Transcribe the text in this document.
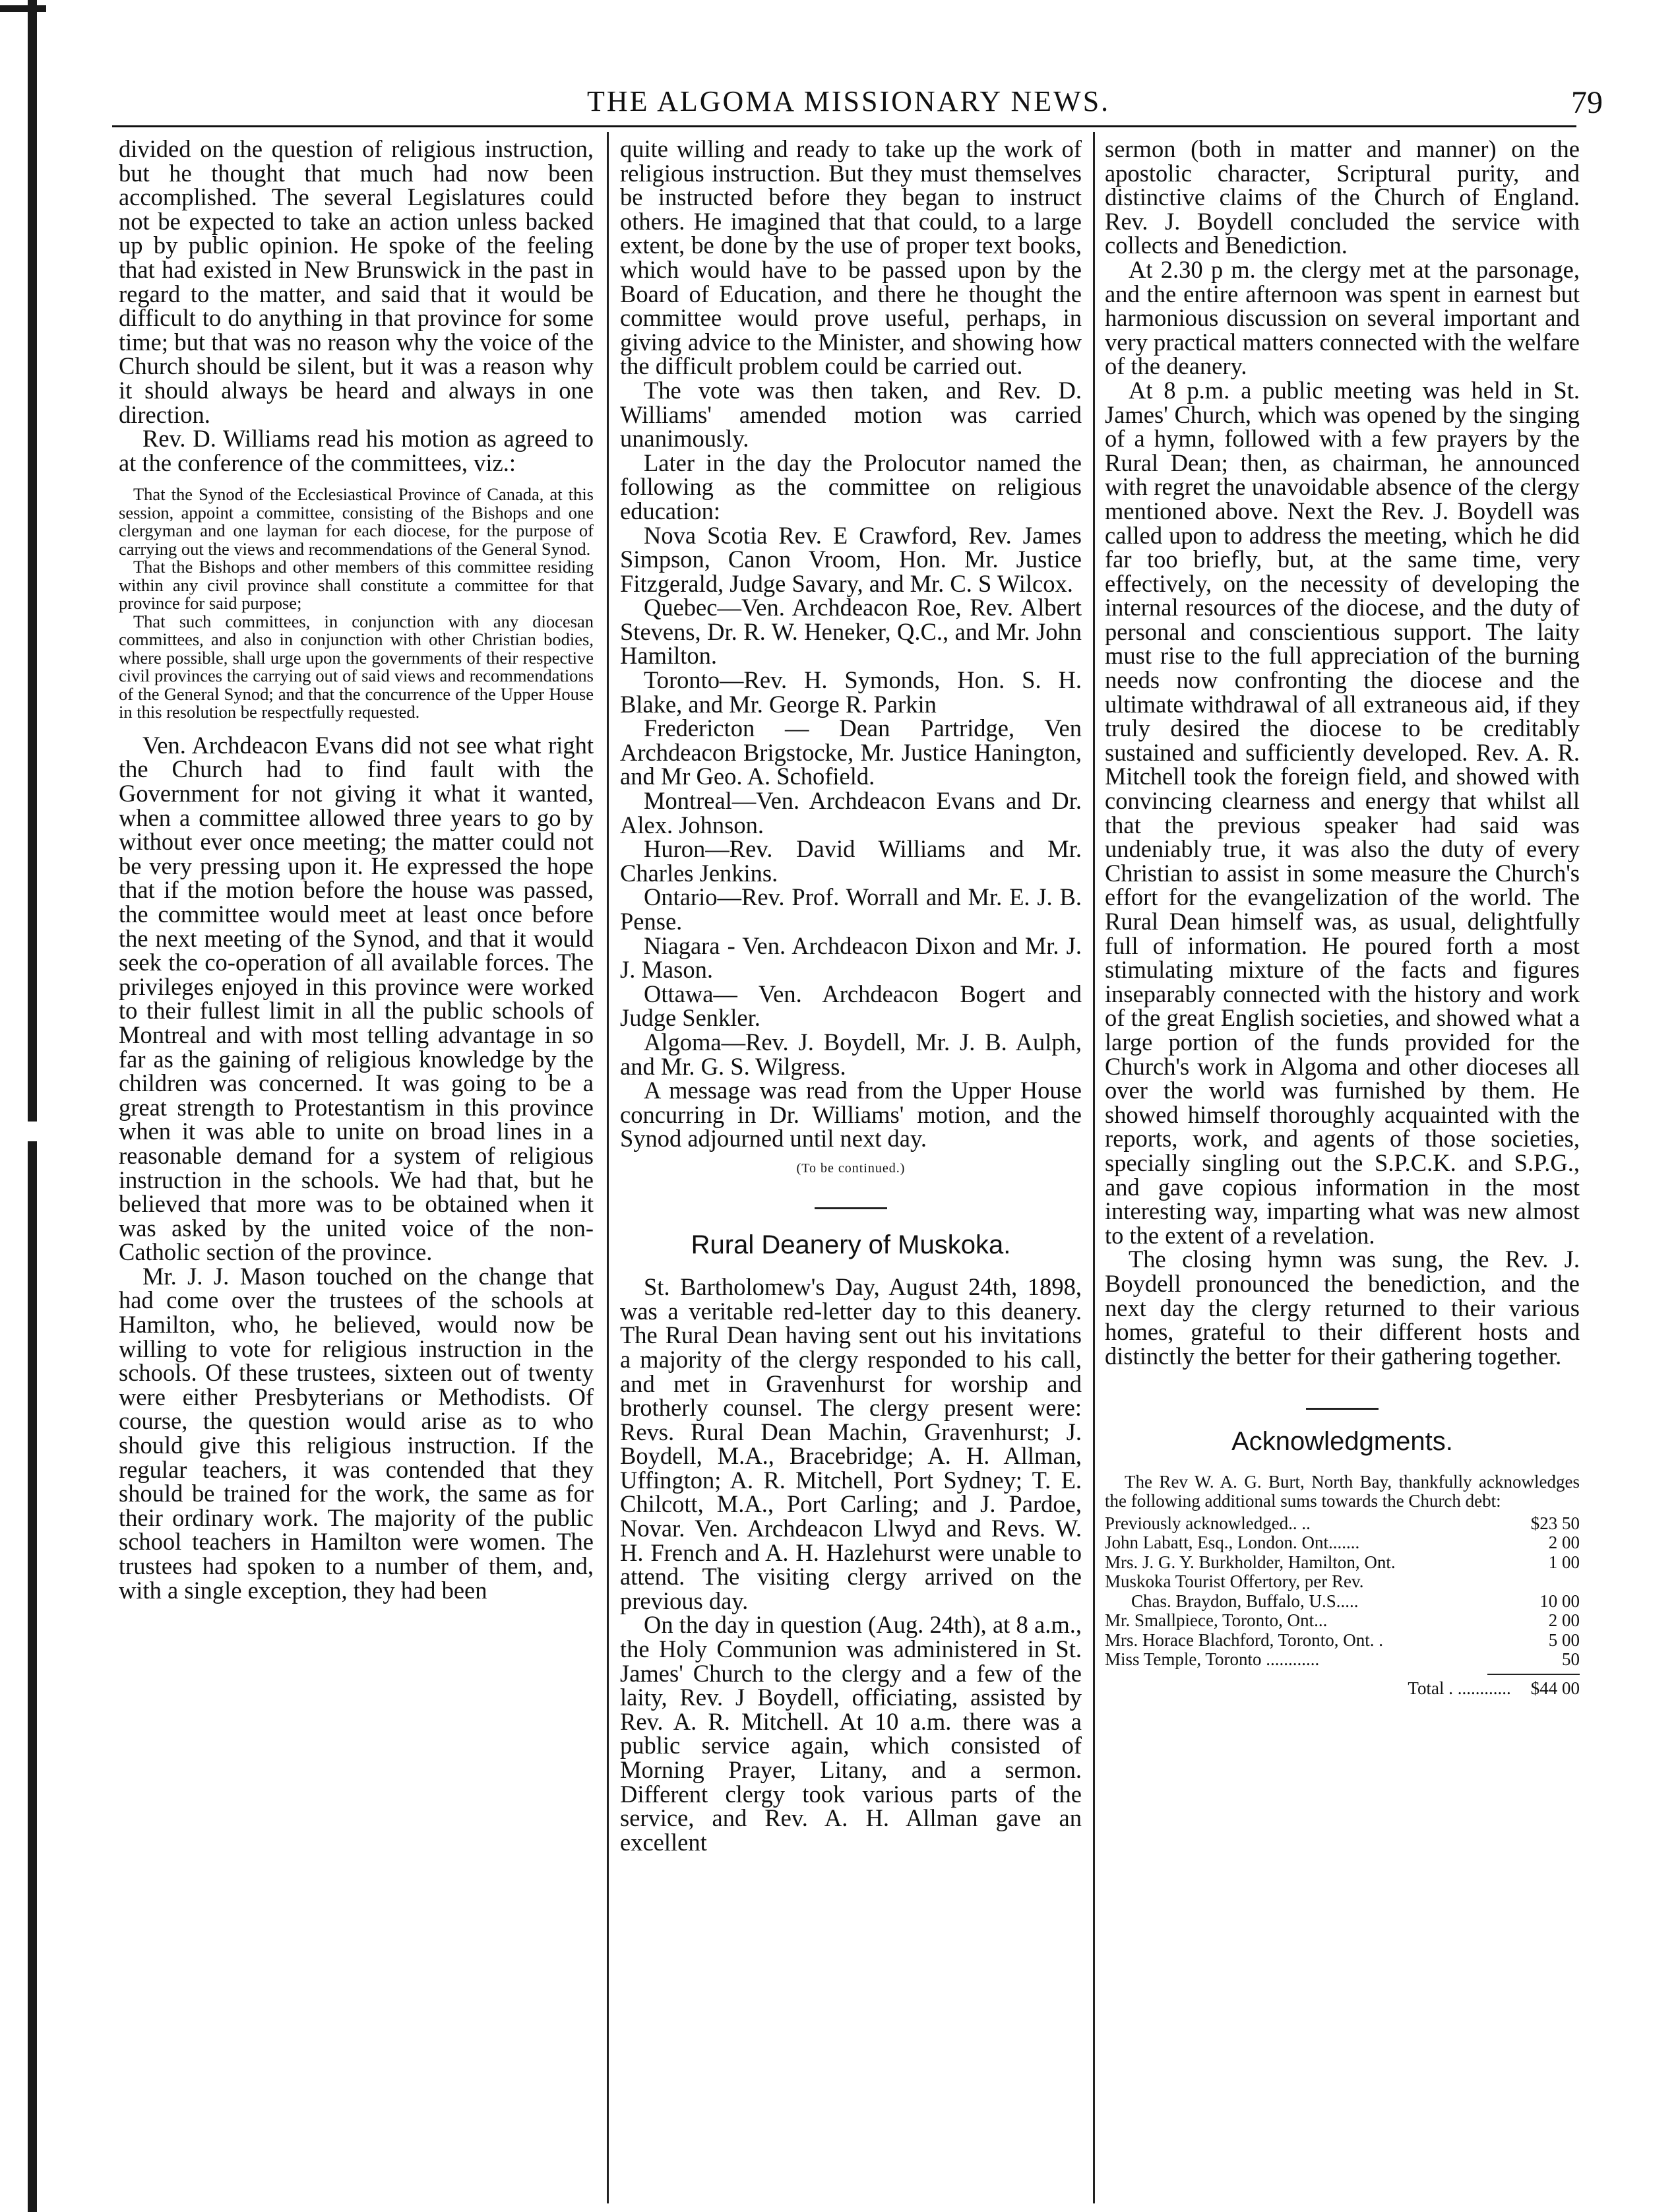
THE ALGOMA MISSIONARY NEWS.	79

divided on the question of religious instruction, but he thought that much had now been accomplished. The several Legislatures could not be expected to take an action unless backed up by public opinion. He spoke of the feeling that had existed in New Brunswick in the past in regard to the matter, and said that it would be difficult to do anything in that province for some time; but that was no reason why the voice of the Church should be silent, but it was a reason why it should always be heard and always in one direction.

Rev. D. Williams read his motion as agreed to at the conference of the committees, viz.:

That the Synod of the Ecclesiastical Province of Canada, at this session, appoint a committee, consisting of the Bishops and one clergyman and one layman for each diocese, for the purpose of carrying out the views and recommendations of the General Synod.

That the Bishops and other members of this committee residing within any civil province shall constitute a committee for that province for said purpose;

That such committees, in conjunction with any diocesan committees, and also in conjunction with other Christian bodies, where possible, shall urge upon the governments of their respective civil provinces the carrying out of said views and recommendations of the General Synod; and that the concurrence of the Upper House in this resolution be respectfully requested.

Ven. Archdeacon Evans did not see what right the Church had to find fault with the Government for not giving it what it wanted, when a committee allowed three years to go by without ever once meeting; the matter could not be very pressing upon it. He expressed the hope that if the motion before the house was passed, the committee would meet at least once before the next meeting of the Synod, and that it would seek the co-operation of all available forces. The privileges enjoyed in this province were worked to their fullest limit in all the public schools of Montreal and with most telling advantage in so far as the gaining of religious knowledge by the children was concerned. It was going to be a great strength to Protestantism in this province when it was able to unite on broad lines in a reasonable demand for a system of religious instruction in the schools. We had that, but he believed that more was to be obtained when it was asked by the united voice of the non-Catholic section of the province.

Mr. J. J. Mason touched on the change that had come over the trustees of the schools at Hamilton, who, he believed, would now be willing to vote for religious instruction in the schools. Of these trustees, sixteen out of twenty were either Presbyterians or Methodists. Of course, the question would arise as to who should give this religious instruction. If the regular teachers, it was contended that they should be trained for the work, the same as for their ordinary work. The majority of the public school teachers in Hamilton were women. The trustees had spoken to a number of them, and, with a single exception, they had been

quite willing and ready to take up the work of religious instruction. But they must themselves be instructed before they began to instruct others. He imagined that that could, to a large extent, be done by the use of proper text books, which would have to be passed upon by the Board of Education, and there he thought the committee would prove useful, perhaps, in giving advice to the Minister, and showing how the difficult problem could be carried out.

The vote was then taken, and Rev. D. Williams' amended motion was carried unanimously.

Later in the day the Prolocutor named the following as the committee on religious education:

Nova Scotia Rev. E Crawford, Rev. James Simpson, Canon Vroom, Hon. Mr. Justice Fitzgerald, Judge Savary, and Mr. C. S Wilcox.

Quebec—Ven. Archdeacon Roe, Rev. Albert Stevens, Dr. R. W. Heneker, Q.C., and Mr. John Hamilton.

Toronto—Rev. H. Symonds, Hon. S. H. Blake, and Mr. George R. Parkin

Fredericton — Dean Partridge, Ven Archdeacon Brigstocke, Mr. Justice Hanington, and Mr Geo. A. Schofield.

Montreal—Ven. Archdeacon Evans and Dr. Alex. Johnson.

Huron—Rev. David Williams and Mr. Charles Jenkins.

Ontario—Rev. Prof. Worrall and Mr. E. J. B. Pense.

Niagara - Ven. Archdeacon Dixon and Mr. J. J. Mason.

Ottawa— Ven. Archdeacon Bogert and Judge Senkler.

Algoma—Rev. J. Boydell, Mr. J. B. Aulph, and Mr. G. S. Wilgress.

A message was read from the Upper House concurring in Dr. Williams' motion, and the Synod adjourned until next day.

(To be continued.)
Rural Deanery of Muskoka.

St. Bartholomew's Day, August 24th, 1898, was a veritable red-letter day to this deanery. The Rural Dean having sent out his invitations a majority of the clergy responded to his call, and met in Gravenhurst for worship and brotherly counsel. The clergy present were: Revs. Rural Dean Machin, Gravenhurst; J. Boydell, M.A., Bracebridge; A. H. Allman, Uffington; A. R. Mitchell, Port Sydney; T. E. Chilcott, M.A., Port Carling; and J. Pardoe, Novar. Ven. Archdeacon Llwyd and Revs. W. H. French and A. H. Hazlehurst were unable to attend. The visiting clergy arrived on the previous day.

On the day in question (Aug. 24th), at 8 a.m., the Holy Communion was administered in St. James' Church to the clergy and a few of the laity, Rev. J Boydell, officiating, assisted by Rev. A. R. Mitchell. At 10 a.m. there was a public service again, which consisted of Morning Prayer, Litany, and a sermon. Different clergy took various parts of the service, and Rev. A. H. Allman gave an excellent

sermon (both in matter and manner) on the apostolic character, Scriptural purity, and distinctive claims of the Church of England. Rev. J. Boydell concluded the service with collects and Benediction.

At 2.30 p m. the clergy met at the parsonage, and the entire afternoon was spent in earnest but harmonious discussion on several important and very practical matters connected with the welfare of the deanery.

At 8 p.m. a public meeting was held in St. James' Church, which was opened by the singing of a hymn, followed with a few prayers by the Rural Dean; then, as chairman, he announced with regret the unavoidable absence of the clergy mentioned above. Next the Rev. J. Boydell was called upon to address the meeting, which he did far too briefly, but, at the same time, very effectively, on the necessity of developing the internal resources of the diocese, and the duty of personal and conscientious support. The laity must rise to the full appreciation of the burning needs now confronting the diocese and the ultimate withdrawal of all extraneous aid, if they truly desired the diocese to be creditably sustained and sufficiently developed. Rev. A. R. Mitchell took the foreign field, and showed with convincing clearness and energy that whilst all that the previous speaker had said was undeniably true, it was also the duty of every Christian to assist in some measure the Church's effort for the evangelization of the world. The Rural Dean himself was, as usual, delightfully full of information. He poured forth a most stimulating mixture of the facts and figures inseparably connected with the history and work of the great English societies, and showed what a large portion of the funds provided for the Church's work in Algoma and other dioceses all over the world was furnished by them. He showed himself thoroughly acquainted with the reports, work, and agents of those societies, specially singling out the S.P.C.K. and S.P.G., and gave copious information in the most interesting way, imparting what was new almost to the extent of a revelation.

The closing hymn was sung, the Rev. J. Boydell pronounced the benediction, and the next day the clergy returned to their various homes, grateful to their different hosts and distinctly the better for their gathering together.

Acknowledgments.

The Rev W. A. G. Burt, North Bay, thankfully acknowledges the following additional sums towards the Church debt:

Previously acknowledged.. ..	$23 50
John Labatt, Esq., London. Ont.......	2 00
Mrs. J. G. Y. Burkholder, Hamilton, Ont.	1 00
Muskoka Tourist Offertory, per Rev.
Chas. Braydon, Buffalo, U.S.....	10 00
Mr. Smallpiece, Toronto, Ont...	2 00
Mrs. Horace Blachford, Toronto, Ont. .	5 00
Miss Temple, Toronto ............	50
Total . ............ $44 00
